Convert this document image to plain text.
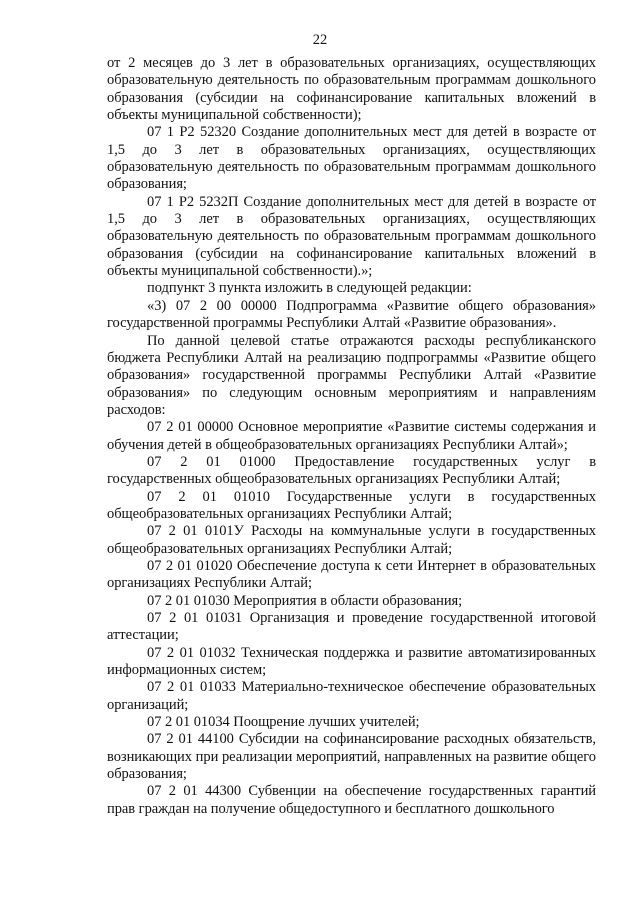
22

от 2 месяцев до 3 лет в образовательных организациях, осуществляющих образовательную деятельность по образовательным программам дошкольного образования (субсидии на софинансирование капитальных вложений в объекты муниципальной собственности);

07 1 P2 52320 Создание дополнительных мест для детей в возрасте от 1,5 до 3 лет в образовательных организациях, осуществляющих образовательную деятельность по образовательным программам дошкольного образования;

07 1 P2 5232П Создание дополнительных мест для детей в возрасте от 1,5 до 3 лет в образовательных организациях, осуществляющих образовательную деятельность по образовательным программам дошкольного образования (субсидии на софинансирование капитальных вложений в объекты муниципальной собственности).»;

подпункт 3 пункта изложить в следующей редакции:

«3) 07 2 00 00000 Подпрограмма «Развитие общего образования» государственной программы Республики Алтай «Развитие образования».

По данной целевой статье отражаются расходы республиканского бюджета Республики Алтай на реализацию подпрограммы «Развитие общего образования» государственной программы Республики Алтай «Развитие образования» по следующим основным мероприятиям и направлениям расходов:

07 2 01 00000 Основное мероприятие «Развитие системы содержания и обучения детей в общеобразовательных организациях Республики Алтай»;

07 2 01 01000 Предоставление государственных услуг в государственных общеобразовательных организациях Республики Алтай;

07 2 01 01010 Государственные услуги в государственных общеобразовательных организациях Республики Алтай;

07 2 01 0101У Расходы на коммунальные услуги в государственных общеобразовательных организациях Республики Алтай;

07 2 01 01020 Обеспечение доступа к сети Интернет в образовательных организациях Республики Алтай;

07 2 01 01030 Мероприятия в области образования;

07 2 01 01031 Организация и проведение государственной итоговой аттестации;

07 2 01 01032 Техническая поддержка и развитие автоматизированных информационных систем;

07 2 01 01033 Материально-техническое обеспечение образовательных организаций;

07 2 01 01034 Поощрение лучших учителей;

07 2 01 44100 Субсидии на софинансирование расходных обязательств, возникающих при реализации мероприятий, направленных на развитие общего образования;

07 2 01 44300 Субвенции на обеспечение государственных гарантий прав граждан на получение общедоступного и бесплатного дошкольного
